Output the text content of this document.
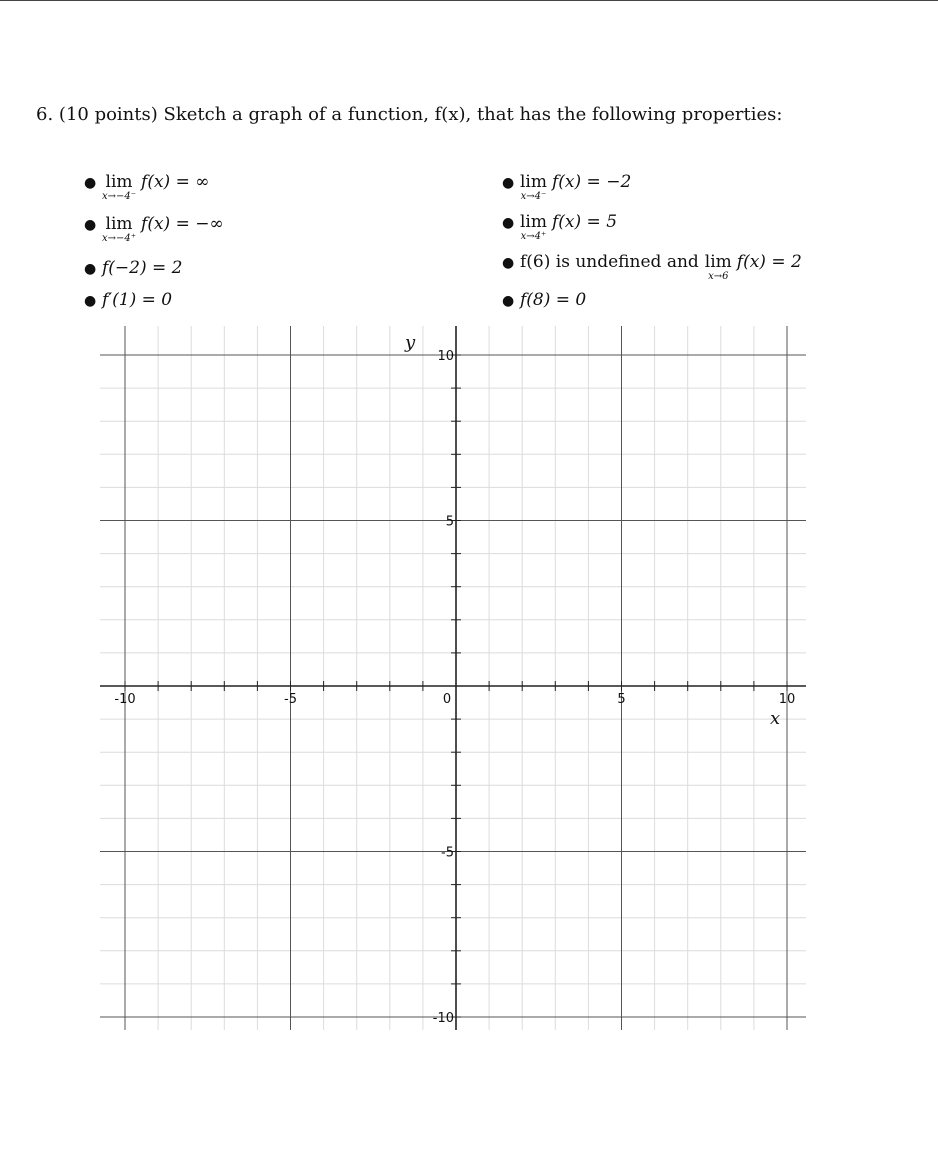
6. (10 points) Sketch a graph of a function, f(x), that has the following properties:
● lim
x→−4⁻
f(x) = ∞
● lim
x→−4⁺
f(x) = −∞
● f(−2) = 2
● f′(1) = 0
● lim
x→4⁻
f(x) = −2
● lim
x→4⁺
f(x) = 5
● f(6) is undefined and lim
x→6
f(x) = 2
● f(8) = 0
-10	-5	0	5	10
10
5
-5
-10
x
y
